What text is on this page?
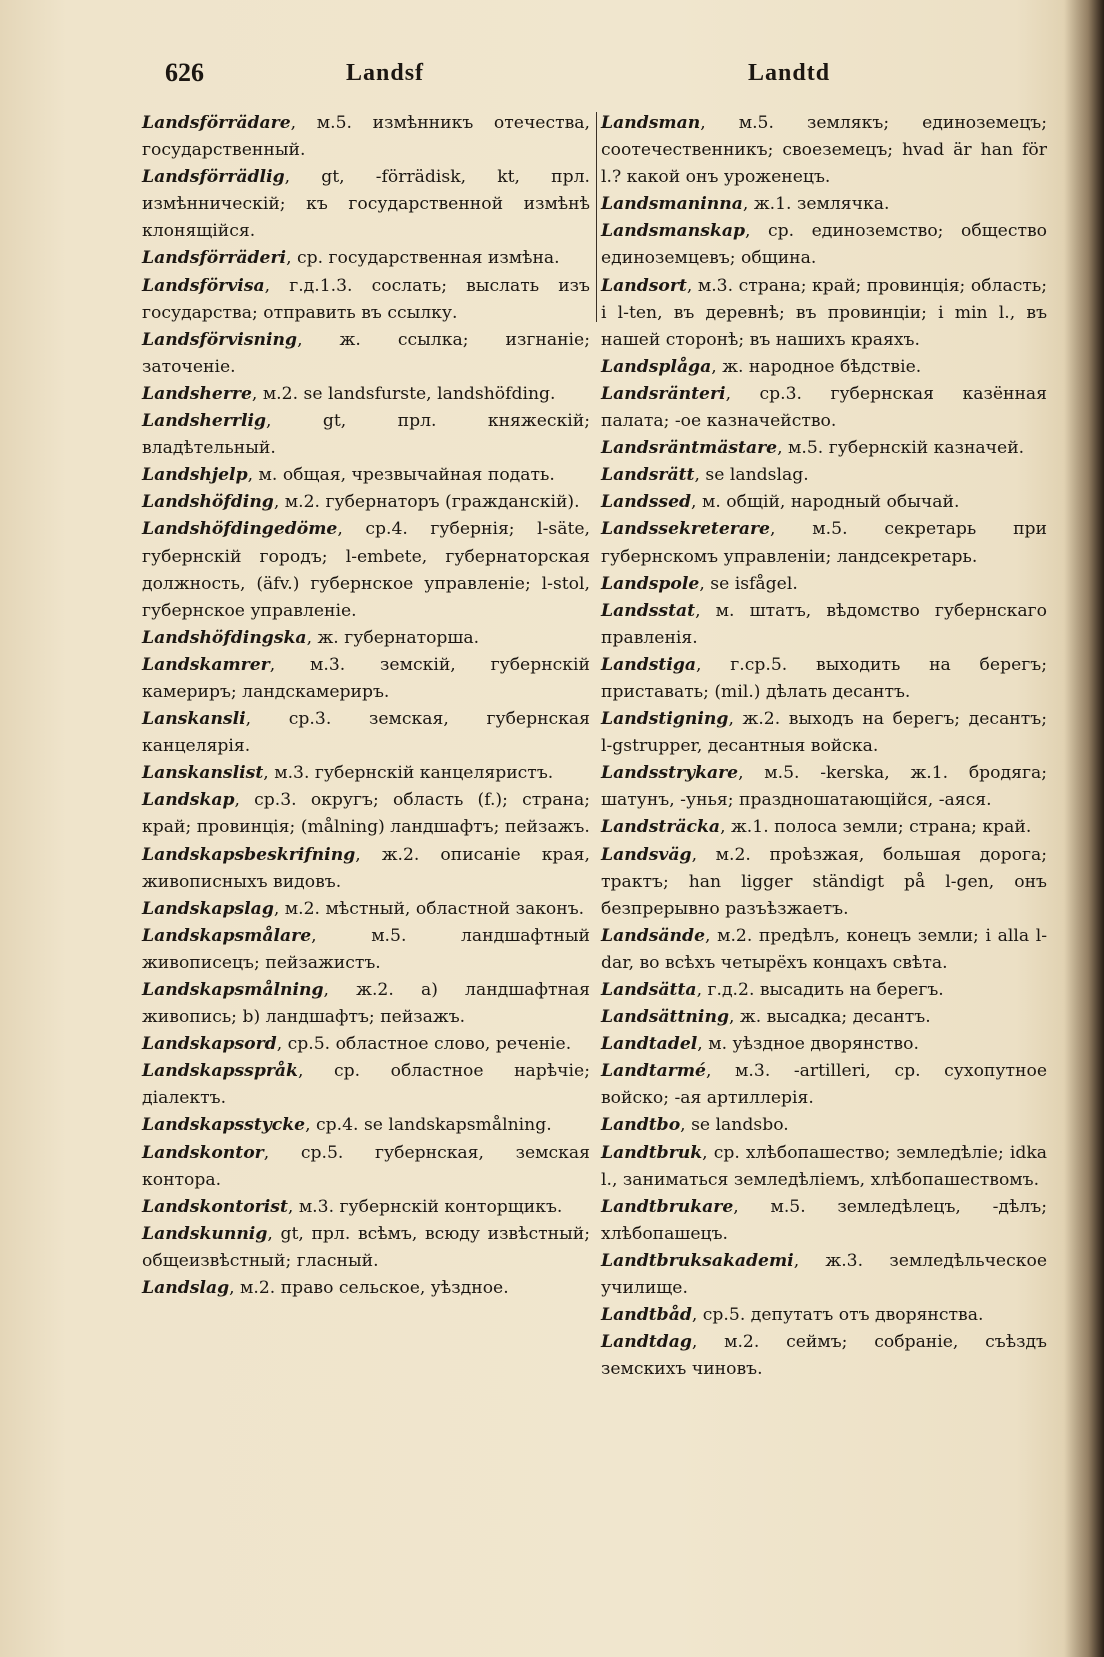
626	Landsf	Landtd

Landsförrädare, м.5. измѣнникъ отечества, государственный.

Landsförrädlig, gt, -förrädisk, kt, прл. измѣнническій; къ государственной измѣнѣ клонящійся.

Landsförräderi, ср. государственная измѣна.

Landsförvisa, г.д.1.3. сослать; выслать изъ государства; отправить въ ссылку.

Landsförvisning, ж. ссылка; изгнаніе; заточеніе.

Landsherre, м.2. se landsfurste, landshöfding.

Landsherrlig, gt, прл. княжескій; владѣтельный.

Landshjelp, м. общая, чрезвычайная подать.

Landshöfding, м.2. губернаторъ (гражданскій).

Landshöfdingedöme, ср.4. губернія; l-säte, губернскій городъ; l-embete, губернаторская должность, (äfv.) губернское управленіе; l-stol, губернское управленіе.

Landshöfdingska, ж. губернаторша.

Landskamrer, м.3. земскій, губернскій камериръ; ландскамериръ.

Lanskansli, ср.3. земская, губернская канцелярія.

Lanskanslist, м.3. губернскій канцеляристъ.

Landskap, ср.3. округъ; область (f.); страна; край; провинція; (målning) ландшафтъ; пейзажъ.

Landskapsbeskrifning, ж.2. описаніе края, живописныхъ видовъ.

Landskapslag, м.2. мѣстный, областной законъ.

Landskapsmålare, м.5. ландшафтный живописецъ; пейзажистъ.

Landskapsmålning, ж.2. a) ландшафтная живопись; b) ландшафтъ; пейзажъ.

Landskapsord, ср.5. областное слово, реченіе.

Landskapsspråk, ср. областное нарѣчіе; діалектъ.

Landskapsstycke, ср.4. se landskapsmålning.

Landskontor, ср.5. губернская, земская контора.

Landskontorist, м.3. губернскій конторщикъ.

Landskunnig, gt, прл. всѣмъ, всюду извѣстный; общеизвѣстный; гласный.

Landslag, м.2. право сельское, уѣздное.

Landsman, м.5. землякъ; единоземецъ; соотечественникъ; своеземецъ; hvad är han för l.? какой онъ уроженецъ.

Landsmaninna, ж.1. землячка.

Landsmanskap, ср. единоземство; общество единоземцевъ; община.

Landsort, м.3. страна; край; провинція; область; i l-ten, въ деревнѣ; въ провинціи; i min l., въ нашей сторонѣ; въ нашихъ краяхъ.

Landsplåga, ж. народное бѣдствіе.

Landsränteri, ср.3. губернская казённая палата; -ое казначейство.

Landsräntmästare, м.5. губернскій казначей.

Landsrätt, se landslag.

Landssed, м. общій, народный обычай.

Landssekreterare, м.5. секретарь при губернскомъ управленіи; ландсекретарь.

Landspole, se isfågel.

Landsstat, м. штатъ, вѣдомство губернскаго правленія.

Landstiga, г.ср.5. выходить на берегъ; приставать; (mil.) дѣлать десантъ.

Landstigning, ж.2. выходъ на берегъ; десантъ; l-gstrupper, десантныя войска.

Landsstrykare, м.5. -kerska, ж.1. бродяга; шатунъ, -унья; праздношатающійся, -аяся.

Landsträcka, ж.1. полоса земли; страна; край.

Landsväg, м.2. проѣзжая, большая дорога; трактъ; han ligger ständigt på l-gen, онъ безпрерывно разъѣзжаетъ.

Landsände, м.2. предѣлъ, конецъ земли; i alla l-dar, во всѣхъ четырёхъ концахъ свѣта.

Landsätta, г.д.2. высадить на берегъ.

Landsättning, ж. высадка; десантъ.

Landtadel, м. уѣздное дворянство.

Landtarmé, м.3. -artilleri, ср. сухопутное войско; -ая артиллерія.

Landtbo, se landsbo.

Landtbruk, ср. хлѣбопашество; земледѣліе; idka l., заниматься земледѣліемъ, хлѣбопашествомъ.

Landtbrukare, м.5. земледѣлецъ, -дѣлъ; хлѣбопашецъ.

Landtbruksakademi, ж.3. земледѣльческое училище.

Landtbåd, ср.5. депутатъ отъ дворянства.

Landtdag, м.2. сеймъ; собраніе, съѣздъ земскихъ чиновъ.
